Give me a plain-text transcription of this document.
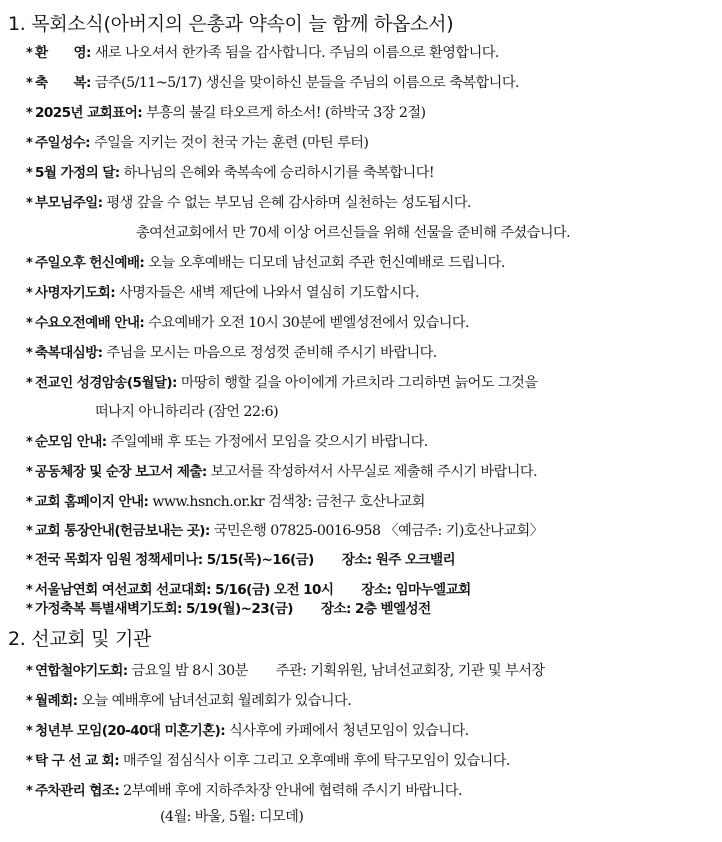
1. 목회소식(아버지의 은총과 약속이 늘 함께 하옵소서)
* 환　　영: 새로 나오셔서 한가족 됨을 감사합니다. 주님의 이름으로 환영합니다.
* 축　　복: 금주(5/11~5/17) 생신을 맞이하신 분들을 주님의 이름으로 축복합니다.
* 2025년 교회표어: 부흥의 불길 타오르게 하소서! (하박국 3장 2절)
* 주일성수: 주일을 지키는 것이 천국 가는 훈련 (마틴 루터)
* 5월 가정의 달: 하나님의 은혜와 축복속에 승리하시기를 축복합니다!
* 부모님주일: 평생 갚을 수 없는 부모님 은혜 감사하며 실천하는 성도됩시다.
총여선교회에서 만 70세 이상 어르신들을 위해 선물을 준비해 주셨습니다.
* 주일오후 헌신예배: 오늘 오후예배는 디모데 남선교회 주관 헌신예배로 드립니다.
* 사명자기도회: 사명자들은 새벽 제단에 나와서 열심히 기도합시다.
* 수요오전예배 안내: 수요예배가 오전 10시 30분에 벧엘성전에서 있습니다.
* 축복대심방: 주님을 모시는 마음으로 정성껏 준비해 주시기 바랍니다.
* 전교인 성경암송(5월달): 마땅히 행할 길을 아이에게 가르치라 그리하면 늙어도 그것을
떠나지 아니하리라 (잠언 22:6)
* 순모임 안내: 주일예배 후 또는 가정에서 모임을 갖으시기 바랍니다.
* 공동체장 및 순장 보고서 제출: 보고서를 작성하셔서 사무실로 제출해 주시기 바랍니다.
* 교회 홈페이지 안내: www.hsnch.or.kr 검색창: 금천구 호산나교회
* 교회 통장안내(헌금보내는 곳): 국민은행 07825-0016-958 〈예금주: 기)호산나교회〉
* 전국 목회자 임원 정책세미나: 5/15(목)~16(금) 장소: 원주 오크밸리
* 서울남연회 여선교회 선교대회: 5/16(금) 오전 10시 장소: 임마누엘교회
* 가정축복 특별새벽기도회: 5/19(월)~23(금) 장소: 2층 벧엘성전
2. 선교회 및 기관
* 연합철야기도회: 금요일 밤 8시 30분 주관: 기획위원, 남녀선교회장, 기관 및 부서장
* 월례회: 오늘 예배후에 남녀선교회 월례회가 있습니다.
* 청년부 모임(20-40대 미혼기혼): 식사후에 카페에서 청년모임이 있습니다.
* 탁 구 선 교 회: 매주일 점심식사 이후 그리고 오후예배 후에 탁구모임이 있습니다.
* 주차관리 협조: 2부예배 후에 지하주차장 안내에 협력해 주시기 바랍니다.
(4월: 바울, 5월: 디모데)
